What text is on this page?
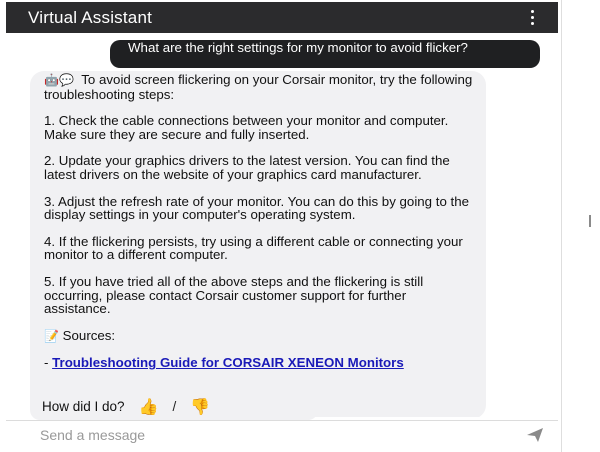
Virtual Assistant
What are the right settings for my monitor to avoid flicker?

🤖💬 To avoid screen flickering on your Corsair monitor, try the following troubleshooting steps:

1. Check the cable connections between your monitor and computer. Make sure they are secure and fully inserted.

2. Update your graphics drivers to the latest version. You can find the latest drivers on the website of your graphics card manufacturer.

3. Adjust the refresh rate of your monitor. You can do this by going to the display settings in your computer's operating system.

4. If the flickering persists, try using a different cable or connecting your monitor to a different computer.

5. If you have tried all of the above steps and the flickering is still occurring, please contact Corsair customer support for further assistance.

📝 Sources:

- Troubleshooting Guide for CORSAIR XENEON Monitors

How did I do? 👍 / 👎
Send a message
